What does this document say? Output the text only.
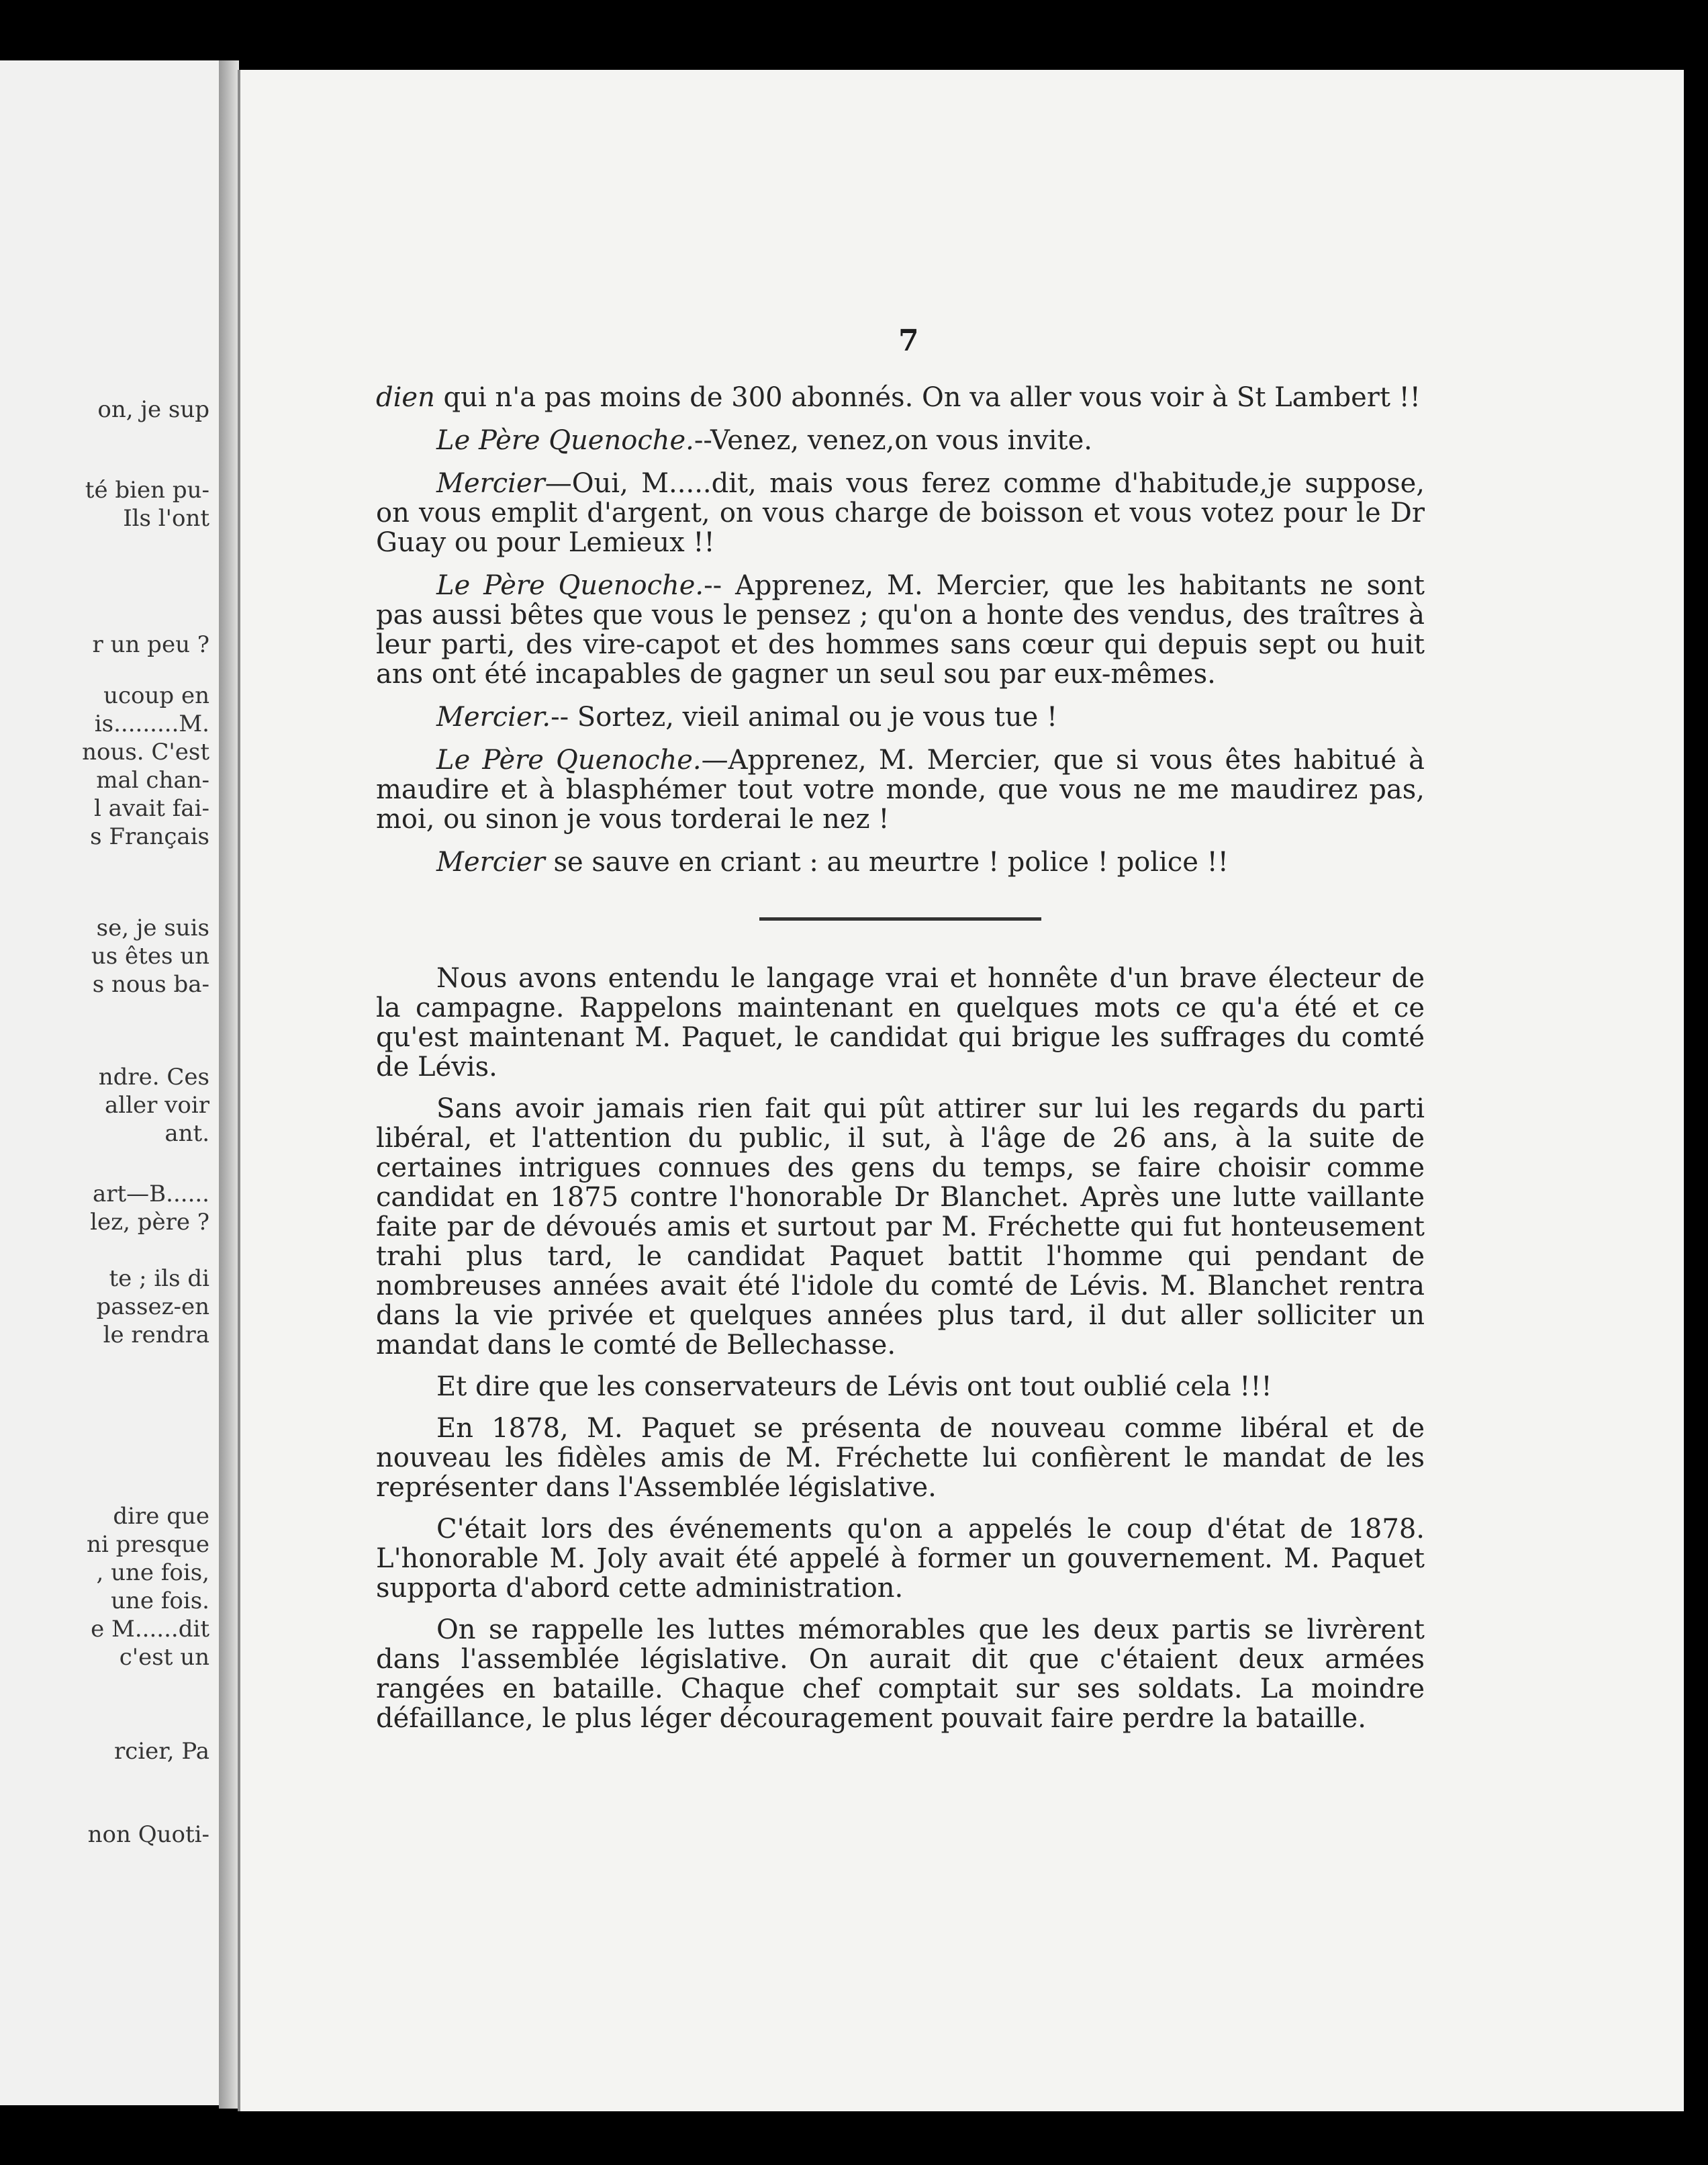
on, je sup
té bien pu-
Ils l'ont
r un peu ?
ucoup en
is.........M.
nous. C'est
mal chan-
l avait fai-
s Français
se, je suis
us êtes un
s nous ba-
ndre. Ces
aller voir
ant.
art—B......
lez, père ?
te ; ils di
passez-en
le rendra
dire que
ni presque
, une fois,
une fois.
e M......dit
c'est un
rcier, Pa
non Quoti-
7

dien qui n'a pas moins de 300 abonnés. On va aller vous voir à St Lambert !!

Le Père Quenoche.--Venez, venez,on vous invite.

Mercier—Oui, M.....dit, mais vous ferez comme d'habitude,je suppose, on vous emplit d'argent, on vous charge de boisson et vous votez pour le Dr Guay ou pour Lemieux !!

Le Père Quenoche.-- Apprenez, M. Mercier, que les habitants ne sont pas aussi bêtes que vous le pensez ; qu'on a honte des vendus, des traîtres à leur parti, des vire-capot et des hommes sans cœur qui depuis sept ou huit ans ont été incapables de gagner un seul sou par eux-mêmes.

Mercier.-- Sortez, vieil animal ou je vous tue !

Le Père Quenoche.—Apprenez, M. Mercier, que si vous êtes habitué à maudire et à blasphémer tout votre monde, que vous ne me maudirez pas, moi, ou sinon je vous torderai le nez !

Mercier se sauve en criant : au meurtre ! police ! police !!

Nous avons entendu le langage vrai et honnête d'un brave électeur de la campagne. Rappelons maintenant en quelques mots ce qu'a été et ce qu'est maintenant M. Paquet, le candidat qui brigue les suffrages du comté de Lévis.

Sans avoir jamais rien fait qui pût attirer sur lui les regards du parti libéral, et l'attention du public, il sut, à l'âge de 26 ans, à la suite de certaines intrigues connues des gens du temps, se faire choisir comme candidat en 1875 contre l'honorable Dr Blanchet. Après une lutte vaillante faite par de dévoués amis et surtout par M. Fréchette qui fut honteusement trahi plus tard, le candidat Paquet battit l'homme qui pendant de nombreuses années avait été l'idole du comté de Lévis. M. Blanchet rentra dans la vie privée et quelques années plus tard, il dut aller solliciter un mandat dans le comté de Bellechasse.

Et dire que les conservateurs de Lévis ont tout oublié cela !!!

En 1878, M. Paquet se présenta de nouveau comme libéral et de nouveau les fidèles amis de M. Fréchette lui confièrent le mandat de les représenter dans l'Assemblée législative.

C'était lors des événements qu'on a appelés le coup d'état de 1878. L'honorable M. Joly avait été appelé à former un gouvernement. M. Paquet supporta d'abord cette administration.

On se rappelle les luttes mémorables que les deux partis se livrèrent dans l'assemblée législative. On aurait dit que c'étaient deux armées rangées en bataille. Chaque chef comptait sur ses soldats. La moindre défaillance, le plus léger découragement pouvait faire perdre la bataille.
